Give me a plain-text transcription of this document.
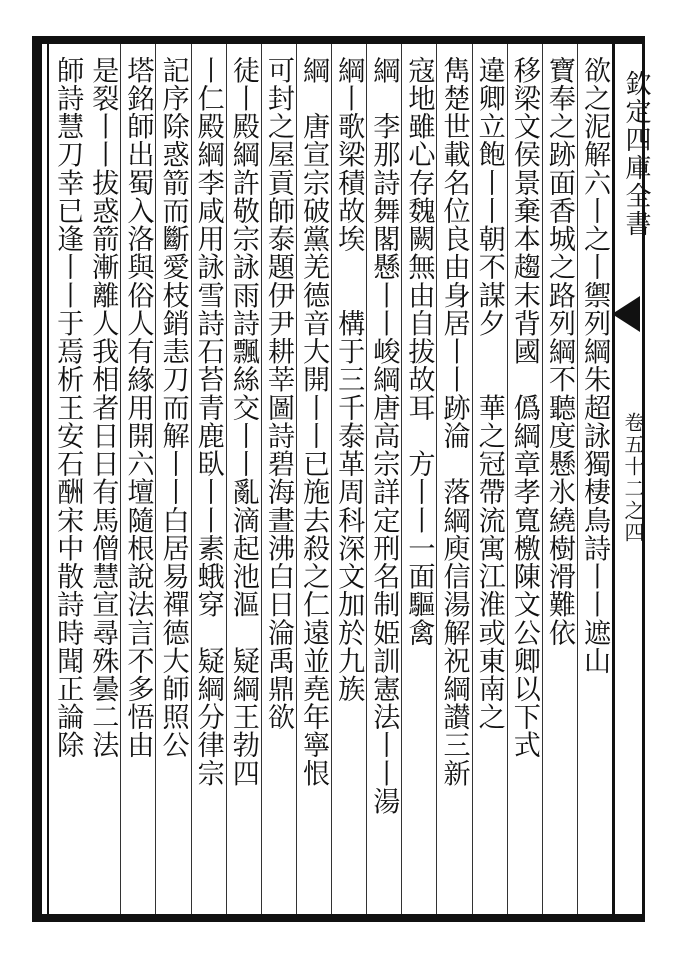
欽定四庫全書
卷五十二之四
欲之泥解六丨之丨禦列綱朱超詠獨棲鳥詩丨丨遮山
寶奉之跡面香城之路列綱不聽度懸氷繞樹滑難依
移梁文侯景棄本趨末背國　僞綱章孝寬檄陳文公卿以下式
違卿立飽丨丨朝不謀夕　　華之冠帶流寓江淮或東南之
雋楚世載名位良由身居丨丨跡淪　落綱庾信湯解祝綱讃三新
寇地雖心存魏闕無由自拔故耳　方丨丨一面驅禽
綱　李那詩舞閣懸丨丨峻綱唐高宗詳定刑名制姫訓憲法丨丨湯
綱丨歌梁積故埃　　構于三千泰革周科深文加於九族
綱　唐宣宗破黨羌德音大開丨丨已施去殺之仁遠並堯年寧恨
可封之屋貢師泰題伊尹耕莘圖詩碧海晝沸白日淪禹鼎欲
徒丨殿綱許敬宗詠雨詩飄絲交丨丨亂滴起池漚　疑綱王勃四
丨仁殿綱李咸用詠雪詩石苔青鹿臥丨丨素蛾穿　疑綱分律宗
記序除惑箭而斷愛枝銷恚刀而解丨丨白居易禪德大師照公
塔銘師出蜀入洛與俗人有緣用開六壇隨根說法言不多悟由
是裂丨丨拔惑箭漸離人我相者日日有馬僧慧宣尋殊曇二法
師詩慧刀幸已逢丨丨于焉析王安石酬宋中散詩時聞正論除
